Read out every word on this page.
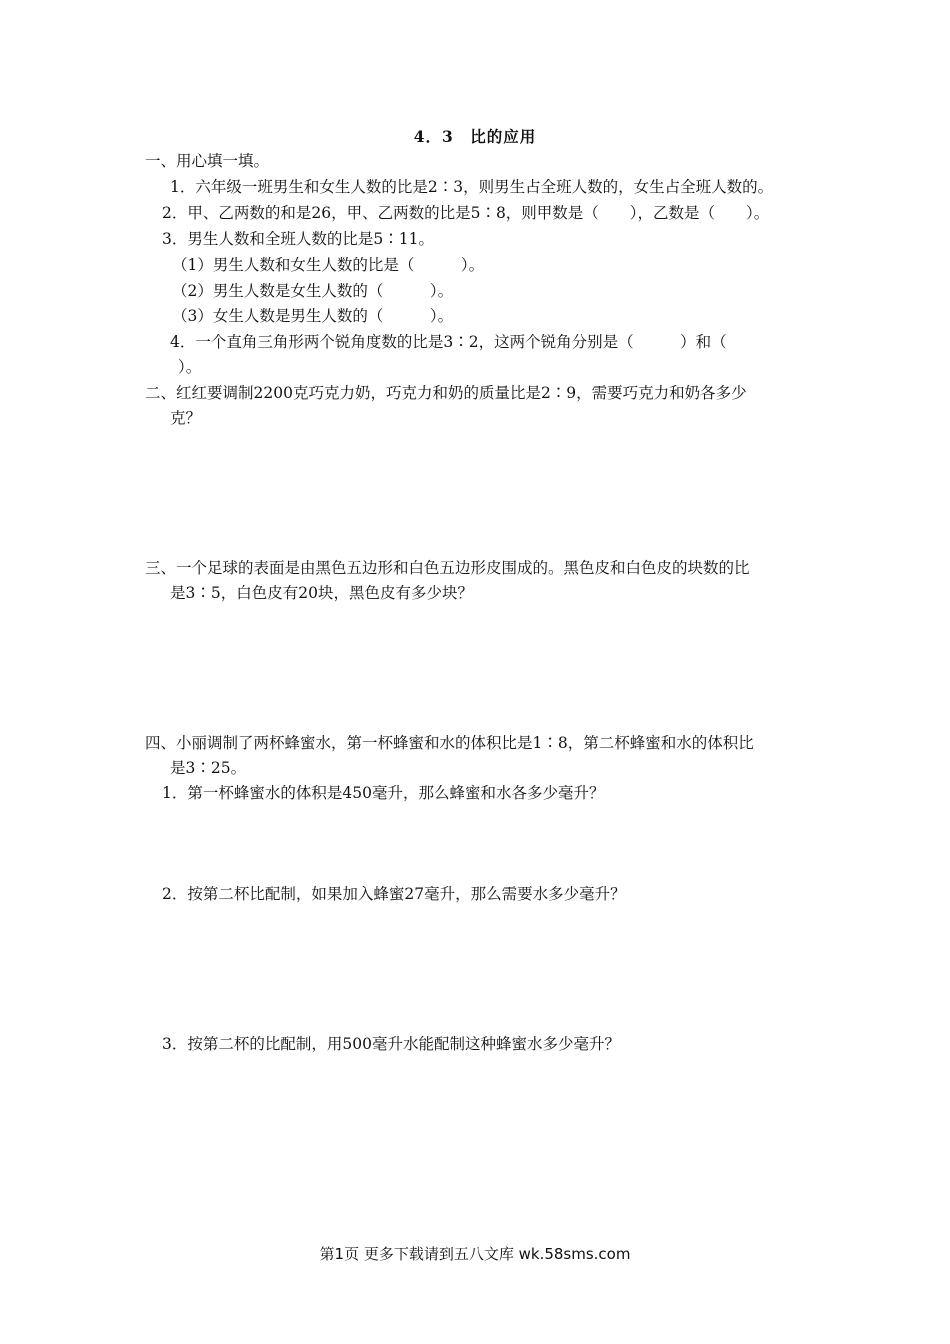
4．3　比的应用
一、用心填一填。
1．六年级一班男生和女生人数的比是2∶3，则男生占全班人数的，女生占全班人数的。
2．甲、乙两数的和是26，甲、乙两数的比是5∶8，则甲数是（　　），乙数是（　　）。
3．男生人数和全班人数的比是5∶11。
（1）男生人数和女生人数的比是（　　　）。
（2）男生人数是女生人数的（　　　）。
（3）女生人数是男生人数的（　　　）。
4．一个直角三角形两个锐角度数的比是3∶2，这两个锐角分别是（　　　）和（
）。
二、红红要调制2200克巧克力奶，巧克力和奶的质量比是2∶9，需要巧克力和奶各多少
克？
三、一个足球的表面是由黑色五边形和白色五边形皮围成的。黑色皮和白色皮的块数的比
是3∶5，白色皮有20块，黑色皮有多少块？
四、小丽调制了两杯蜂蜜水，第一杯蜂蜜和水的体积比是1∶8，第二杯蜂蜜和水的体积比
是3∶25。
1．第一杯蜂蜜水的体积是450毫升，那么蜂蜜和水各多少毫升？
2．按第二杯比配制，如果加入蜂蜜27毫升，那么需要水多少毫升？
3．按第二杯的比配制，用500毫升水能配制这种蜂蜜水多少毫升？
第1页 更多下载请到五八文库 wk.58sms.com
